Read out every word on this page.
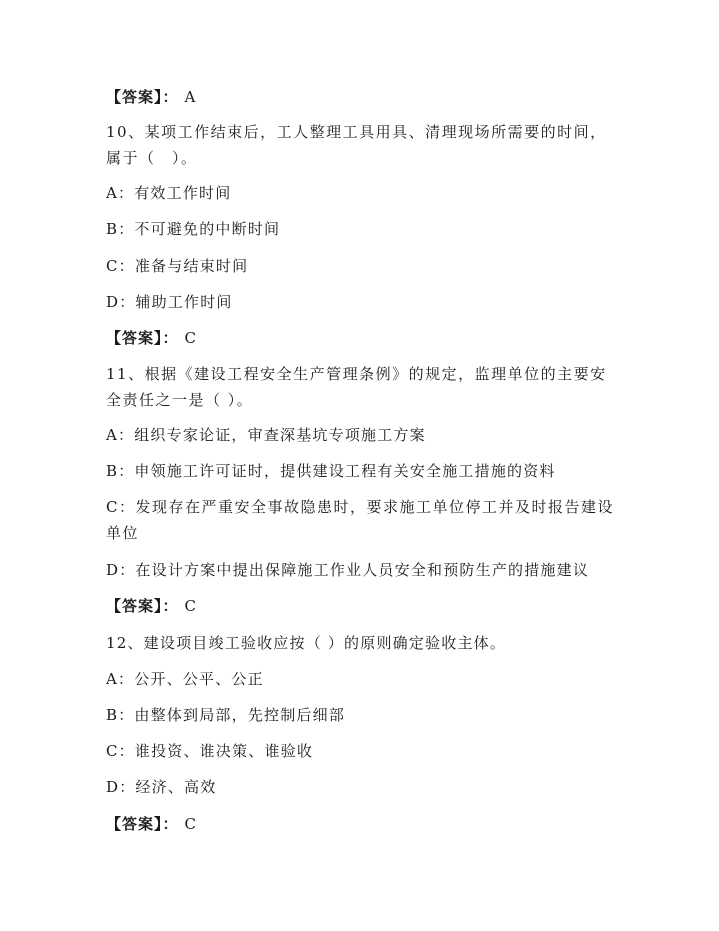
【答案】： A
10、某项工作结束后，工人整理工具用具、清理现场所需要的时间，属于（　）。
A：有效工作时间
B：不可避免的中断时间
C：准备与结束时间
D：辅助工作时间
【答案】： C
11、根据《建设工程安全生产管理条例》的规定，监理单位的主要安全责任之一是（ ）。
A：组织专家论证，审查深基坑专项施工方案
B：申领施工许可证时，提供建设工程有关安全施工措施的资料
C：发现存在严重安全事故隐患时，要求施工单位停工并及时报告建设单位
D：在设计方案中提出保障施工作业人员安全和预防生产的措施建议
【答案】： C
12、建设项目竣工验收应按（ ）的原则确定验收主体。
A：公开、公平、公正
B：由整体到局部，先控制后细部
C：谁投资、谁决策、谁验收
D：经济、高效
【答案】： C
